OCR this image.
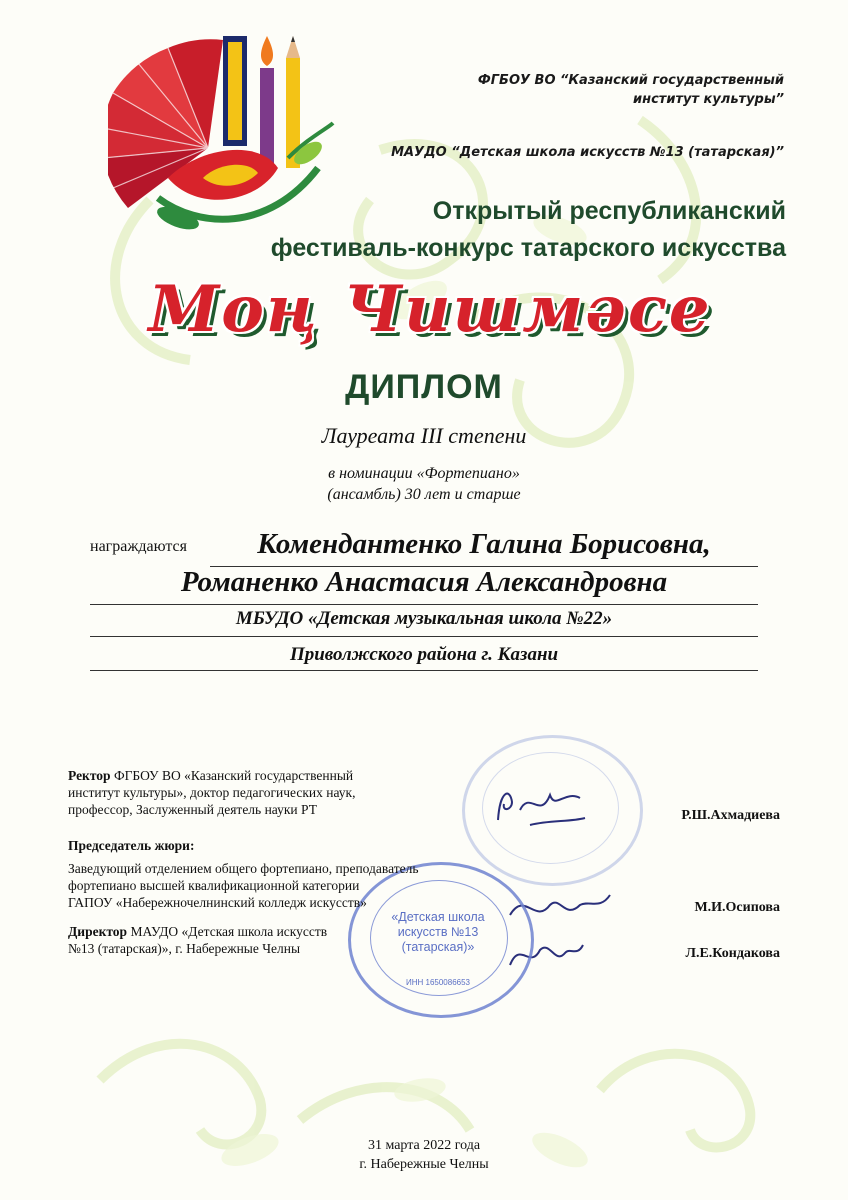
ФГБОУ ВО “Казанский государственный
институт культуры”
МАУДО “Детская школа искусств №13 (татарская)”
Открытый республиканский
фестиваль-конкурс татарского искусства
Моң Чишмәсе
ДИПЛОМ
Лауреата III степени
в номинации «Фортепиано»
(ансамбль) 30 лет и старше
награждаются	Комендантенко Галина Борисовна,
Романенко Анастасия Александровна
МБУДО «Детская музыкальная школа №22»
Приволжского района г. Казани
«Детская школа
искусств №13
(татарская)»
ИНН 1650086653
Ректор ФГБОУ ВО «Казанский государственный
институт культуры», доктор педагогических наук,
профессор, Заслуженный деятель науки РТ	Р.Ш.Ахмадиева
Председатель жюри:
Заведующий отделением общего фортепиано, преподаватель
фортепиано высшей квалификационной категории
ГАПОУ «Набережночелнинский колледж искусств»	М.И.Осипова
Директор МАУДО «Детская школа искусств
№13 (татарская)», г. Набережные Челны	Л.Е.Кондакова
31 марта 2022 года
г. Набережные Челны
